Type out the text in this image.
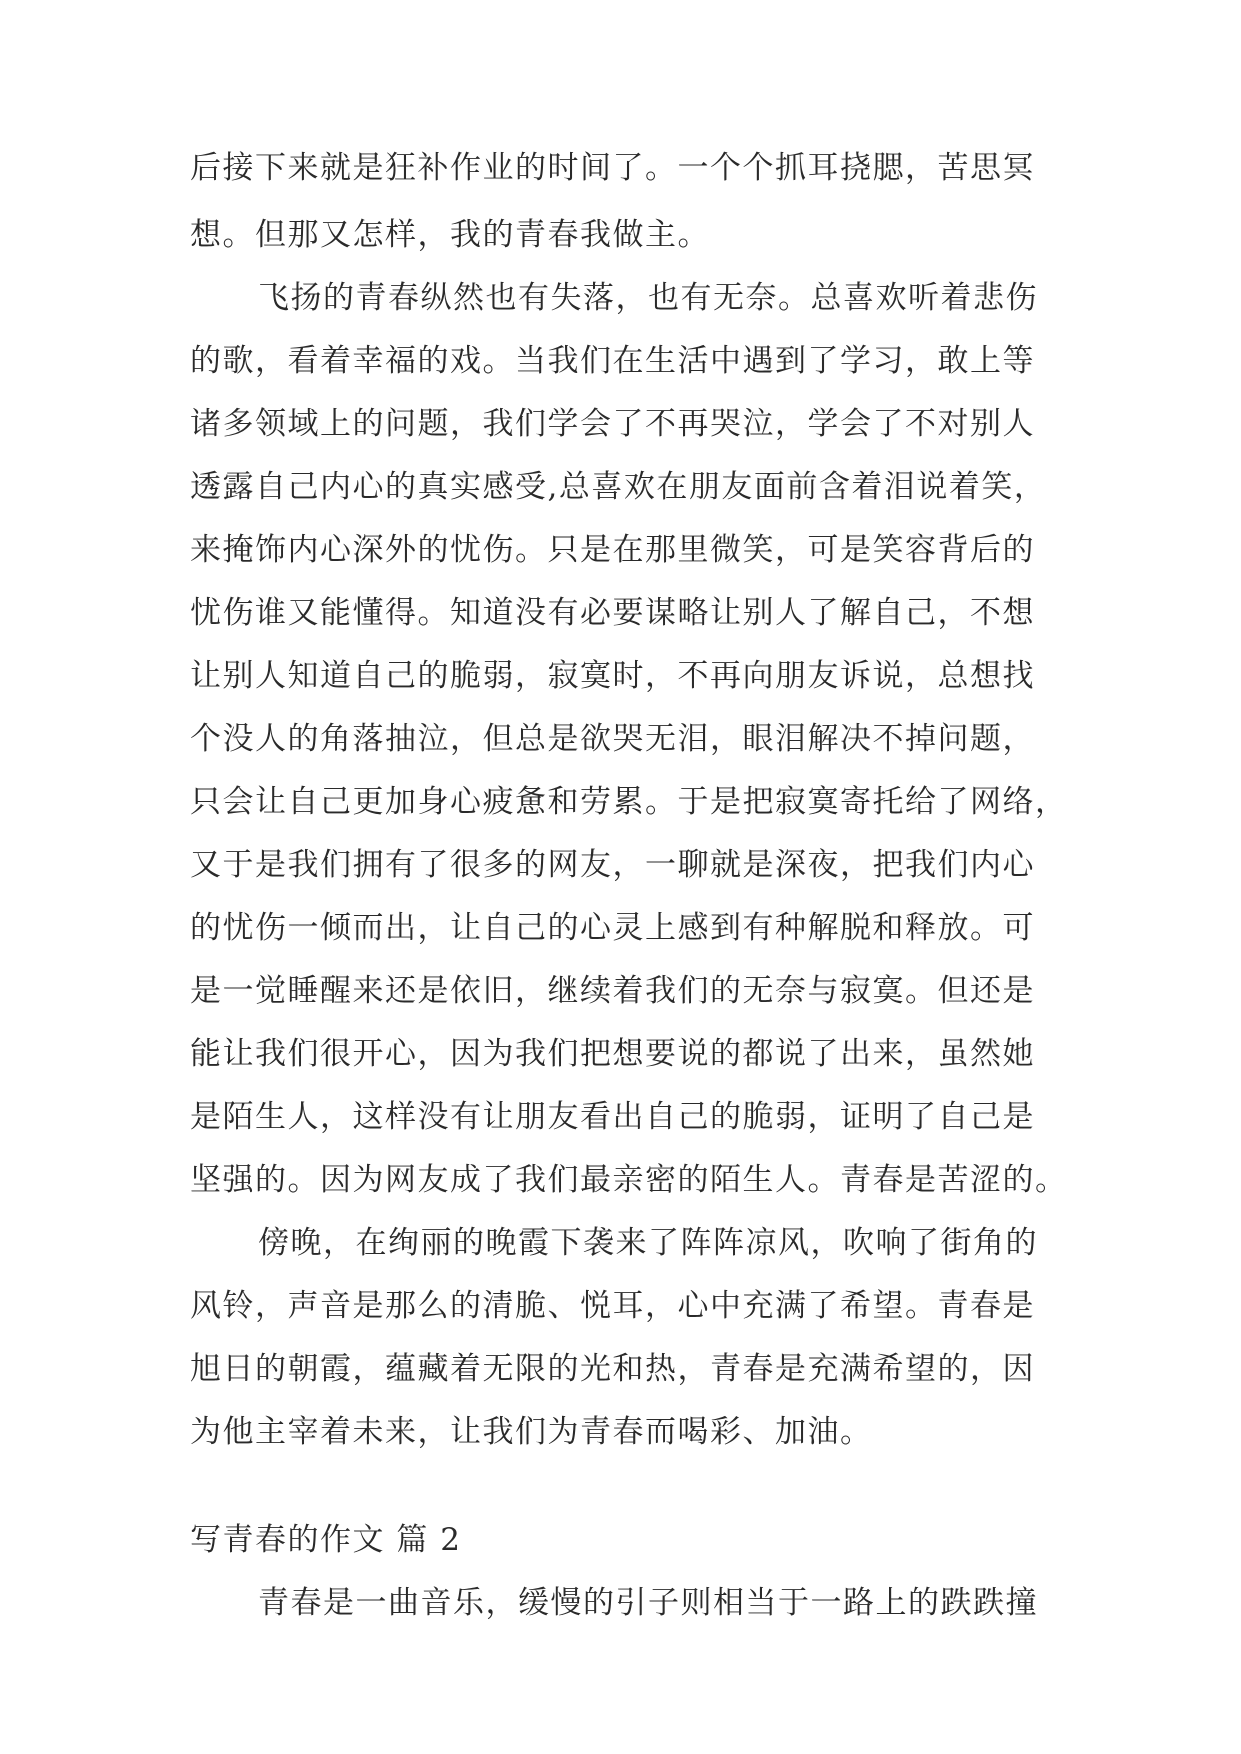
后接下来就是狂补作业的时间了。一个个抓耳挠腮，苦思冥
想。但那又怎样，我的青春我做主。
飞扬的青春纵然也有失落，也有无奈。总喜欢听着悲伤
的歌，看着幸福的戏。当我们在生活中遇到了学习，敢上等
诸多领域上的问题，我们学会了不再哭泣，学会了不对别人
透露自己内心的真实感受,总喜欢在朋友面前含着泪说着笑，
来掩饰内心深外的忧伤。只是在那里微笑，可是笑容背后的
忧伤谁又能懂得。知道没有必要谋略让别人了解自己，不想
让别人知道自己的脆弱，寂寞时，不再向朋友诉说，总想找
个没人的角落抽泣，但总是欲哭无泪，眼泪解决不掉问题，
只会让自己更加身心疲惫和劳累。于是把寂寞寄托给了网络，
又于是我们拥有了很多的网友，一聊就是深夜，把我们内心
的忧伤一倾而出，让自己的心灵上感到有种解脱和释放。可
是一觉睡醒来还是依旧，继续着我们的无奈与寂寞。但还是
能让我们很开心，因为我们把想要说的都说了出来，虽然她
是陌生人，这样没有让朋友看出自己的脆弱，证明了自己是
坚强的。因为网友成了我们最亲密的陌生人。青春是苦涩的。
傍晚，在绚丽的晚霞下袭来了阵阵凉风，吹响了街角的
风铃，声音是那么的清脆、悦耳，心中充满了希望。青春是
旭日的朝霞，蕴藏着无限的光和热，青春是充满希望的，因
为他主宰着未来，让我们为青春而喝彩、加油。
写青春的作文 篇 2
青春是一曲音乐，缓慢的引子则相当于一路上的跌跌撞
